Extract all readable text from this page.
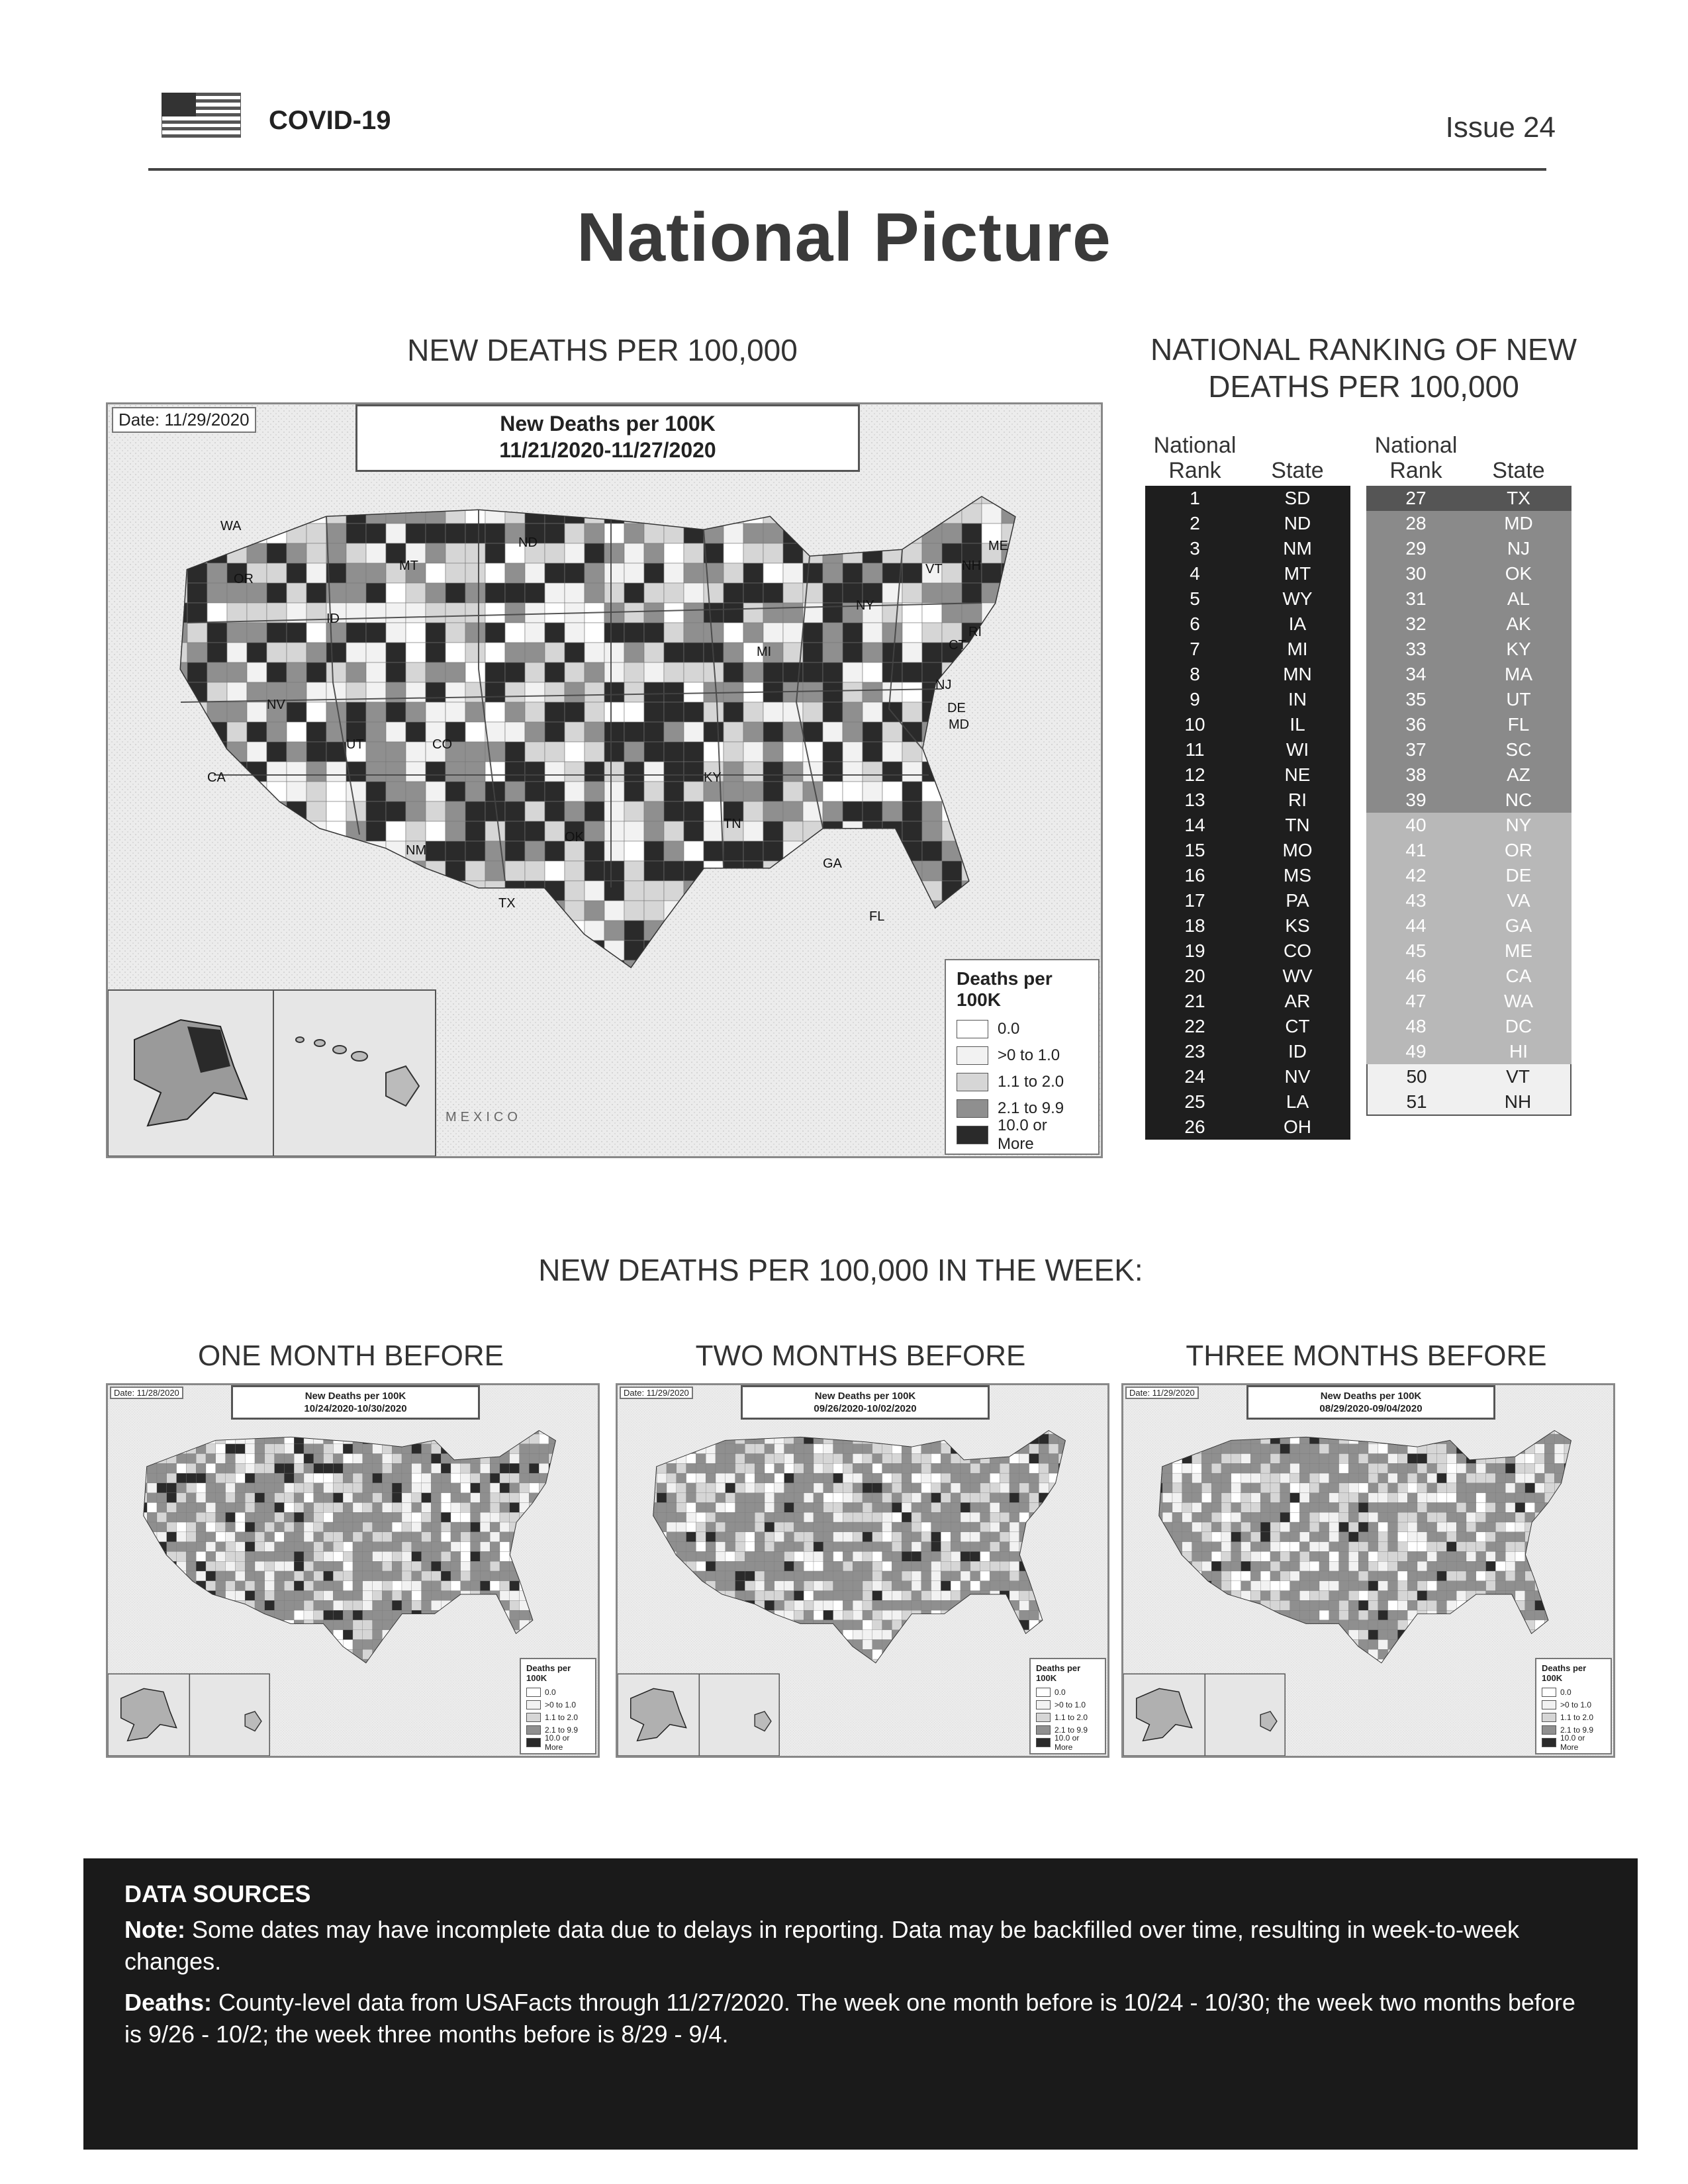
COVID-19	Issue 24
National Picture
NEW DEATHS PER 100,000
WA
OR
CA
NV
ID
MT
UT	CO
NM
ND
TX
OK
KY
TN
MI
NY
VT NH
ME
NJ
DE
MD
RI
CT
FL
GA
Date: 11/29/2020	New Deaths per 100K
11/21/2020-11/27/2020
MEXICO
Deaths per
100K
0.0
>0 to 1.0
1.1 to 2.0
2.1 to 9.9
10.0 or More
NATIONAL RANKING OF NEW
DEATHS PER 100,000
National
Rank	State
National
Rank	State
1	SD
2	ND
3	NM
4	MT
5	WY
6	IA
7	MI
8	MN
9	IN
10	IL
11	WI
12	NE
13	RI
14	TN
15	MO
16	MS
17	PA
18	KS
19	CO
20	WV
21	AR
22	CT
23	ID
24	NV
25	LA
26	OH
27	TX
28	MD
29	NJ
30	OK
31	AL
32	AK
33	KY
34	MA
35	UT
36	FL
37	SC
38	AZ
39	NC
40	NY
41	OR
42	DE
43	VA
44	GA
45	ME
46	CA
47	WA
48	DC
49	HI
50	VT
51	NH
NEW DEATHS PER 100,000 IN THE WEEK:
ONE MONTH BEFORE
Date: 11/28/2020	New Deaths per 100K
10/24/2020-10/30/2020
Deaths per
100K
0.0
>0 to 1.0
1.1 to 2.0
2.1 to 9.9
10.0 or More
TWO MONTHS BEFORE
Date: 11/29/2020	New Deaths per 100K
09/26/2020-10/02/2020
Deaths per
100K
0.0
>0 to 1.0
1.1 to 2.0
2.1 to 9.9
10.0 or More
THREE MONTHS BEFORE
Date: 11/29/2020	New Deaths per 100K
08/29/2020-09/04/2020
Deaths per
100K
0.0
>0 to 1.0
1.1 to 2.0
2.1 to 9.9
10.0 or More
DATA SOURCES

Note: Some dates may have incomplete data due to delays in reporting. Data may be backfilled over time, resulting in week-to-week changes.

Deaths: County-level data from USAFacts through 11/27/2020. The week one month before is 10/24 - 10/30; the week two months before is 9/26 - 10/2; the week three months before is 8/29 - 9/4.
